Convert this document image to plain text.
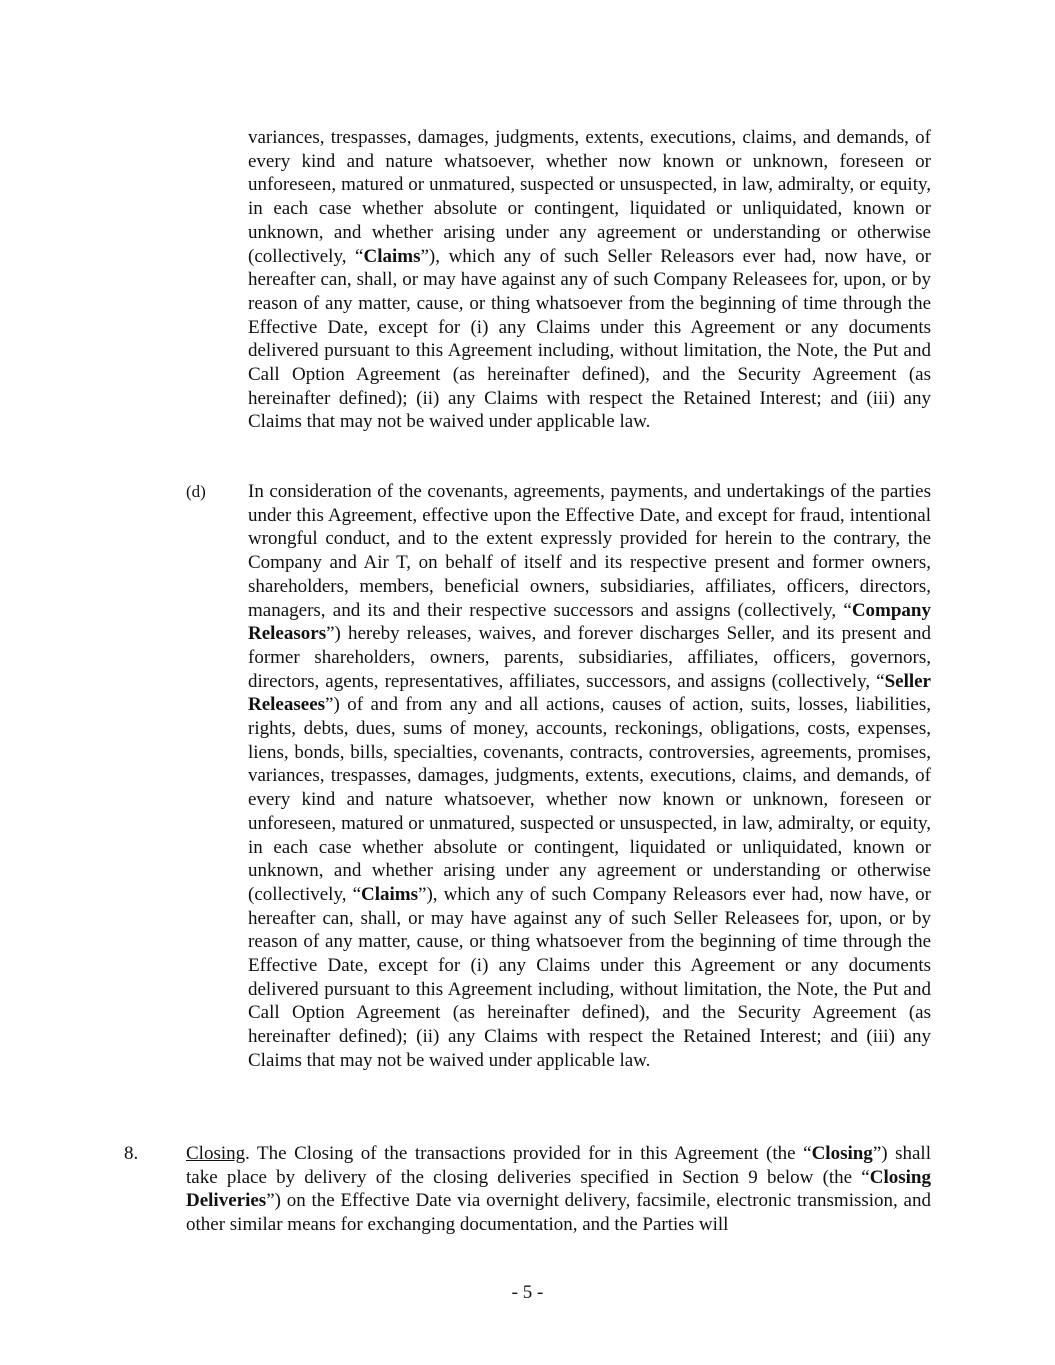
variances, trespasses, damages, judgments, extents, executions, claims, and demands, of every kind and nature whatsoever, whether now known or unknown, foreseen or unforeseen, matured or unmatured, suspected or unsuspected, in law, admiralty, or equity, in each case whether absolute or contingent, liquidated or unliquidated, known or unknown, and whether arising under any agreement or understanding or otherwise (collectively, “Claims”), which any of such Seller Releasors ever had, now have, or hereafter can, shall, or may have against any of such Company Releasees for, upon, or by reason of any matter, cause, or thing whatsoever from the beginning of time through the Effective Date, except for (i) any Claims under this Agreement or any documents delivered pursuant to this Agreement including, without limitation, the Note, the Put and Call Option Agreement (as hereinafter defined), and the Security Agreement (as hereinafter defined); (ii) any Claims with respect the Retained Interest; and (iii) any Claims that may not be waived under applicable law.

(d) In consideration of the covenants, agreements, payments, and undertakings of the parties under this Agreement, effective upon the Effective Date, and except for fraud, intentional wrongful conduct, and to the extent expressly provided for herein to the contrary, the Company and Air T, on behalf of itself and its respective present and former owners, shareholders, members, beneficial owners, subsidiaries, affiliates, officers, directors, managers, and its and their respective successors and assigns (collectively, “Company Releasors”) hereby releases, waives, and forever discharges Seller, and its present and former shareholders, owners, parents, subsidiaries, affiliates, officers, governors, directors, agents, representatives, affiliates, successors, and assigns (collectively, “Seller Releasees”) of and from any and all actions, causes of action, suits, losses, liabilities, rights, debts, dues, sums of money, accounts, reckonings, obligations, costs, expenses, liens, bonds, bills, specialties, covenants, contracts, controversies, agreements, promises, variances, trespasses, damages, judgments, extents, executions, claims, and demands, of every kind and nature whatsoever, whether now known or unknown, foreseen or unforeseen, matured or unmatured, suspected or unsuspected, in law, admiralty, or equity, in each case whether absolute or contingent, liquidated or unliquidated, known or unknown, and whether arising under any agreement or understanding or otherwise (collectively, “Claims”), which any of such Company Releasors ever had, now have, or hereafter can, shall, or may have against any of such Seller Releasees for, upon, or by reason of any matter, cause, or thing whatsoever from the beginning of time through the Effective Date, except for (i) any Claims under this Agreement or any documents delivered pursuant to this Agreement including, without limitation, the Note, the Put and Call Option Agreement (as hereinafter defined), and the Security Agreement (as hereinafter defined); (ii) any Claims with respect the Retained Interest; and (iii) any Claims that may not be waived under applicable law.

8.	Closing. The Closing of the transactions provided for in this Agreement (the “Closing”) shall take place by delivery of the closing deliveries specified in Section 9 below (the “Closing Deliveries”) on the Effective Date via overnight delivery, facsimile, electronic transmission, and other similar means for exchanging documentation, and the Parties will

- 5 -
